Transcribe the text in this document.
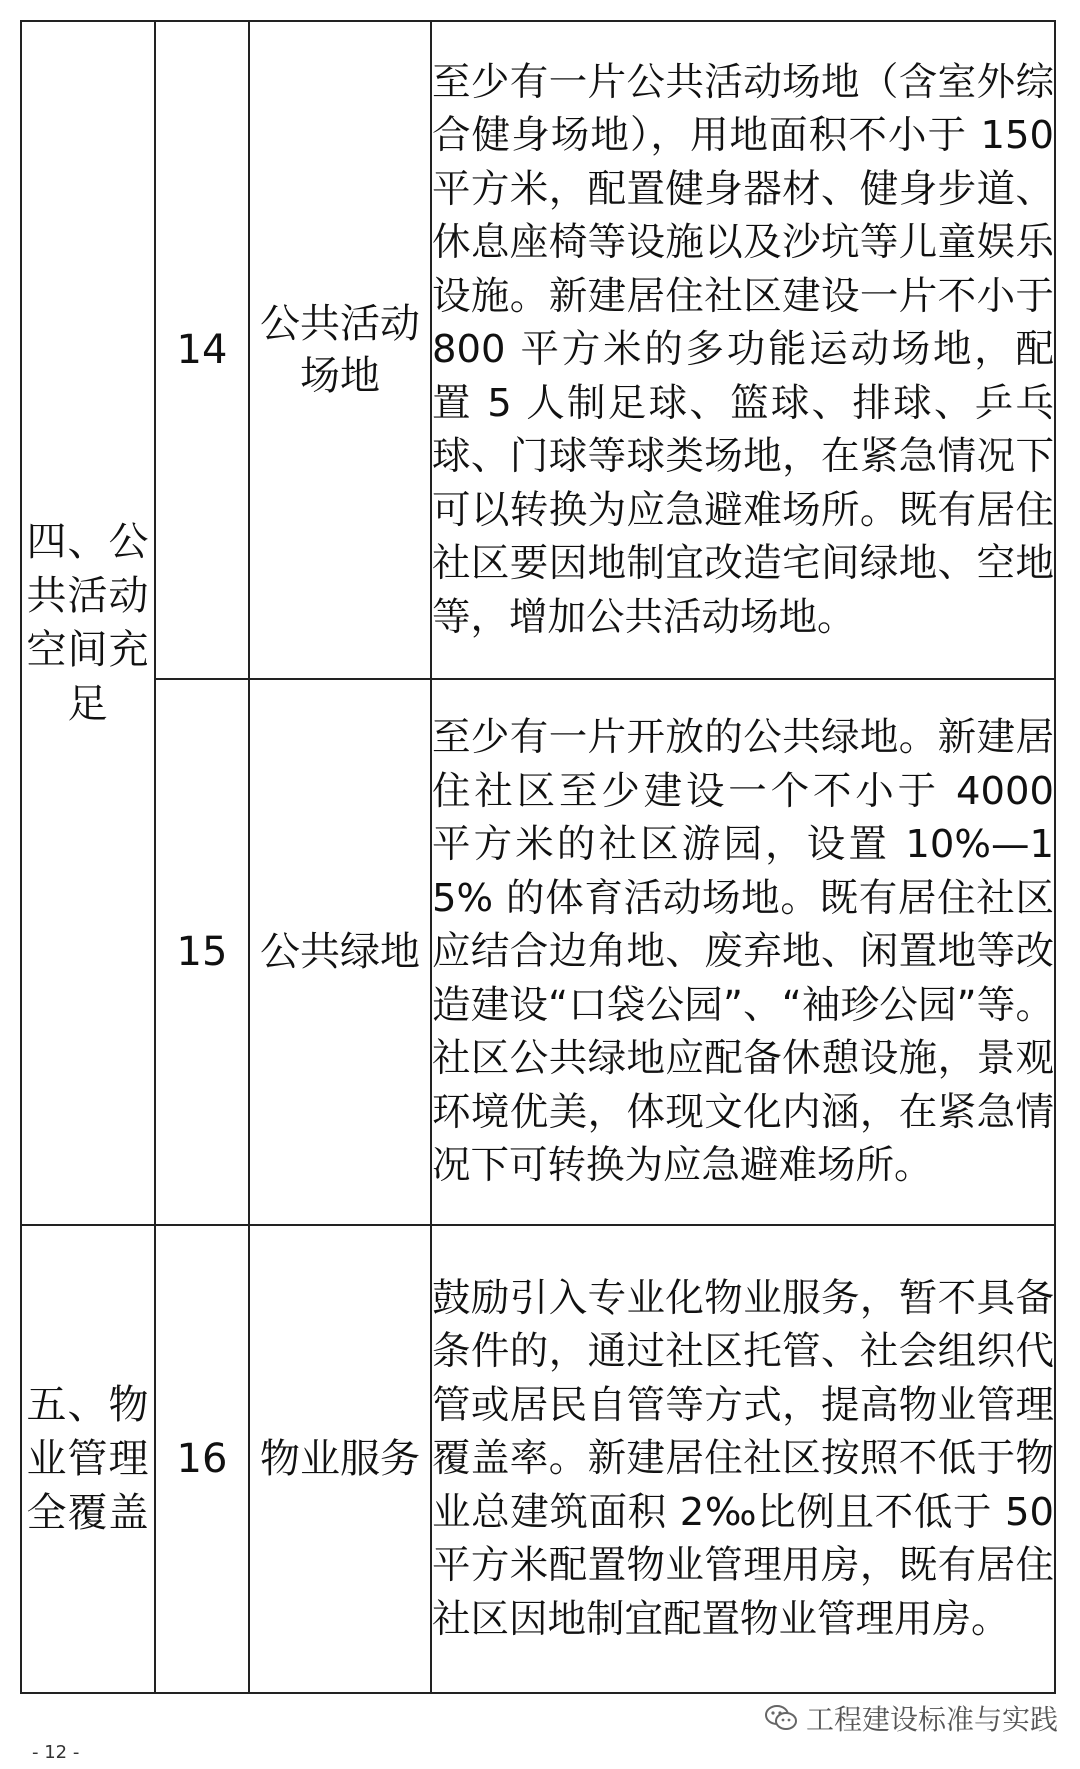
四、公共活动空间充足	14	公共活动场地	至少有一片公共活动场地（含室外综合健身场地），用地面积不小于 150 平方米，配置健身器材、健身步道、休息座椅等设施以及沙坑等儿童娱乐设施。新建居住社区建设一片不小于 800 平方米的多功能运动场地，配置 5 人制足球、篮球、排球、乒乓球、门球等球类场地，在紧急情况下可以转换为应急避难场所。既有居住社区要因地制宜改造宅间绿地、空地等，增加公共活动场地。

	15	公共绿地	至少有一片开放的公共绿地。新建居住社区至少建设一个不小于 4000 平方米的社区游园，设置 10%—15% 的体育活动场地。既有居住社区应结合边角地、废弃地、闲置地等改造建设“口袋公园”、“袖珍公园”等。社区公共绿地应配备休憩设施，景观环境优美，体现文化内涵，在紧急情况下可转换为应急避难场所。

五、物业管理全覆盖	16	物业服务	鼓励引入专业化物业服务，暂不具备条件的，通过社区托管、社会组织代管或居民自管等方式，提高物业管理覆盖率。新建居住社区按照不低于物业总建筑面积 2‰比例且不低于 50 平方米配置物业管理用房，既有居住社区因地制宜配置物业管理用房。
工程建设标准与实践
- 12 -
